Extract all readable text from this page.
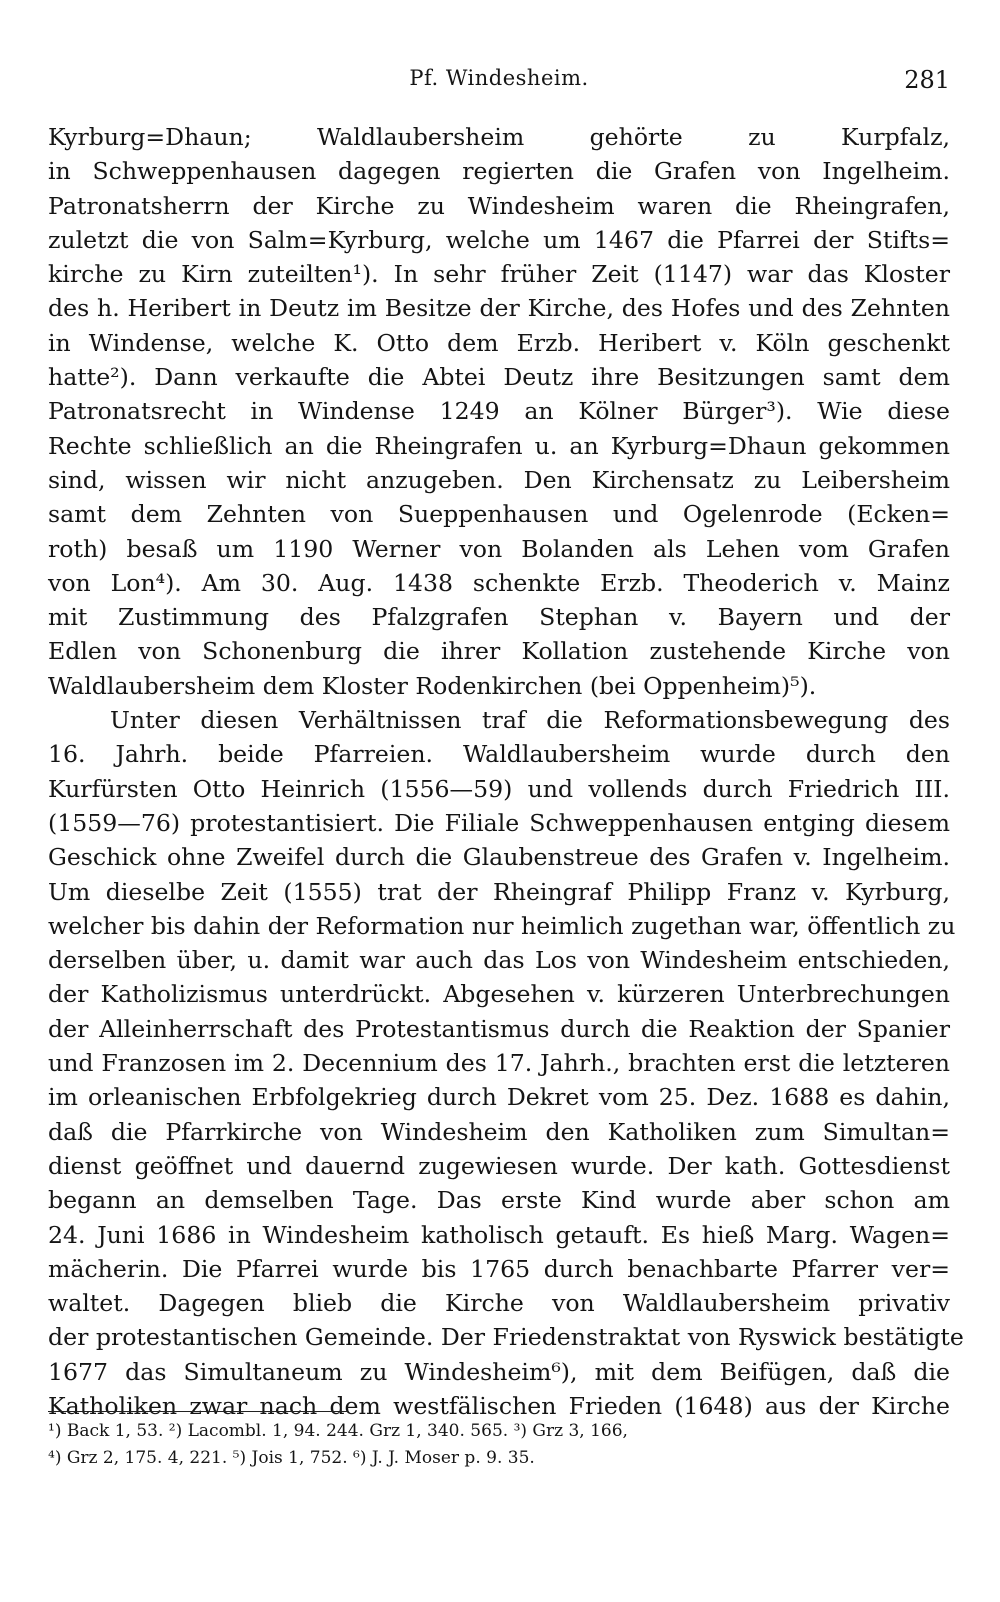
Pf. Windesheim.	281
Kyrburg=Dhaun; Waldlaubersheim gehörte zu Kurpfalz,
in Schweppenhausen dagegen regierten die Grafen von Ingelheim.
Patronatsherrn der Kirche zu Windesheim waren die Rheingrafen,
zuletzt die von Salm=Kyrburg, welche um 1467 die Pfarrei der Stifts=
kirche zu Kirn zuteilten¹). In sehr früher Zeit (1147) war das Kloster
des h. Heribert in Deutz im Besitze der Kirche, des Hofes und des Zehnten
in Windense, welche K. Otto dem Erzb. Heribert v. Köln geschenkt
hatte²). Dann verkaufte die Abtei Deutz ihre Besitzungen samt dem
Patronatsrecht in Windense 1249 an Kölner Bürger³). Wie diese
Rechte schließlich an die Rheingrafen u. an Kyrburg=Dhaun gekommen
sind, wissen wir nicht anzugeben. Den Kirchensatz zu Leibersheim
samt dem Zehnten von Sueppenhausen und Ogelenrode (Ecken=
roth) besaß um 1190 Werner von Bolanden als Lehen vom Grafen
von Lon⁴). Am 30. Aug. 1438 schenkte Erzb. Theoderich v. Mainz
mit Zustimmung des Pfalzgrafen Stephan v. Bayern und der
Edlen von Schonenburg die ihrer Kollation zustehende Kirche von
Waldlaubersheim dem Kloster Rodenkirchen (bei Oppenheim)⁵).
Unter diesen Verhältnissen traf die Reformationsbewegung des
16. Jahrh. beide Pfarreien. Waldlaubersheim wurde durch den
Kurfürsten Otto Heinrich (1556—59) und vollends durch Friedrich III.
(1559—76) protestantisiert. Die Filiale Schweppenhausen entging diesem
Geschick ohne Zweifel durch die Glaubenstreue des Grafen v. Ingelheim.
Um dieselbe Zeit (1555) trat der Rheingraf Philipp Franz v. Kyrburg,
welcher bis dahin der Reformation nur heimlich zugethan war, öffentlich zu
derselben über, u. damit war auch das Los von Windesheim entschieden,
der Katholizismus unterdrückt. Abgesehen v. kürzeren Unterbrechungen
der Alleinherrschaft des Protestantismus durch die Reaktion der Spanier
und Franzosen im 2. Decennium des 17. Jahrh., brachten erst die letzteren
im orleanischen Erbfolgekrieg durch Dekret vom 25. Dez. 1688 es dahin,
daß die Pfarrkirche von Windesheim den Katholiken zum Simultan=
dienst geöffnet und dauernd zugewiesen wurde. Der kath. Gottesdienst
begann an demselben Tage. Das erste Kind wurde aber schon am
24. Juni 1686 in Windesheim katholisch getauft. Es hieß Marg. Wagen=
mächerin. Die Pfarrei wurde bis 1765 durch benachbarte Pfarrer ver=
waltet. Dagegen blieb die Kirche von Waldlaubersheim privativ
der protestantischen Gemeinde. Der Friedenstraktat von Ryswick bestätigte
1677 das Simultaneum zu Windesheim⁶), mit dem Beifügen, daß die
Katholiken zwar nach dem westfälischen Frieden (1648) aus der Kirche
¹) Back 1, 53. ²) Lacombl. 1, 94. 244. Grz 1, 340. 565. ³) Grz 3, 166,
⁴) Grz 2, 175. 4, 221. ⁵) Jois 1, 752. ⁶) J. J. Moser p. 9. 35.
